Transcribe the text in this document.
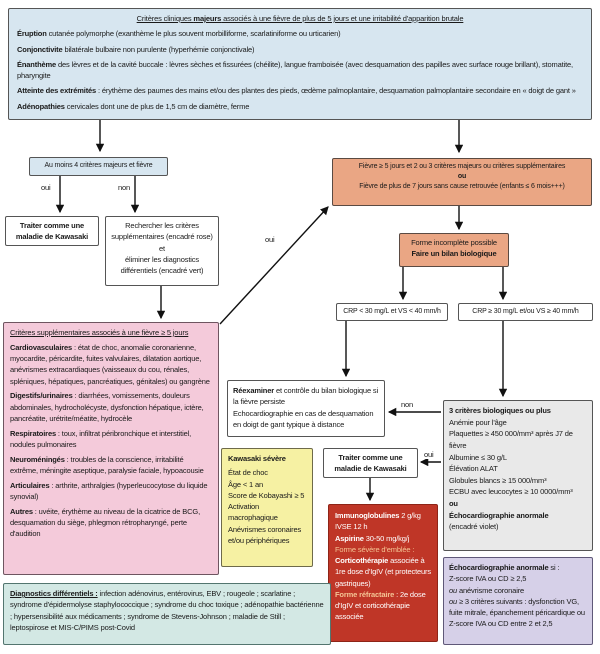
Critères cliniques majeurs associés à une fièvre de plus de 5 jours et une irritabilité d'apparition brutale
Éruption cutanée polymorphe (exanthème le plus souvent morbilliforme, scarlatiniforme ou urticarien)
Conjonctivite bilatérale bulbaire non purulente (hyperhémie conjonctivale)
Énanthème des lèvres et de la cavité buccale : lèvres sèches et fissurées (chéilite), langue framboisée (avec desquamation des papilles avec surface rouge brillant), stomatite, pharyngite
Atteinte des extrémités : érythème des paumes des mains et/ou des plantes des pieds, œdème palmoplantaire, desquamation palmoplantaire secondaire en « doigt de gant »
Adénopathies cervicales dont une de plus de 1,5 cm de diamètre, ferme
Au moins 4 critères majeurs et fièvre
oui	non
Traiter comme une maladie de Kawasaki
Rechercher les critères supplémentaires (encadré rose)
et
éliminer les diagnostics différentiels (encadré vert)
Critères supplémentaires associés à une fièvre ≥ 5 jours
Cardiovasculaires : état de choc, anomalie coronarienne, myocardite, péricardite, fuites valvulaires, dilatation aortique, anévrismes extracardiaques (vaisseaux du cou, rénales, spléniques, hépatiques, pancréatiques, génitales) ou gangrène
Digestifs/urinaires : diarrhées, vomissements, douleurs abdominales, hydrocholécyste, dysfonction hépatique, ictère, pancréatite, urétrite/méatite, hydrocèle
Respiratoires : toux, infiltrat péribronchique et interstitiel, nodules pulmonaires
Neuroméningés : troubles de la conscience, irritabilité extrême, méningite aseptique, paralysie faciale, hypoacousie
Articulaires : arthrite, arthralgies (hyperleucocytose du liquide synovial)
Autres : uvéite, érythème au niveau de la cicatrice de BCG, desquamation du siège, phlegmon rétropharyngé, perte d'audition
oui
Fièvre ≥ 5 jours et 2 ou 3 critères majeurs ou critères supplémentaires
ou
Fièvre de plus de 7 jours sans cause retrouvée (enfants ≤ 6 mois+++)
Forme incomplète possible
Faire un bilan biologique
CRP < 30 mg/L et VS < 40 mm/h	CRP ≥ 30 mg/L et/ou VS ≥ 40 mm/h
Réexaminer et contrôle du bilan biologique si la fièvre persiste
Echocardiographie en cas de desquamation en doigt de gant typique à distance
non
oui
3 critères biologiques ou plus
Anémie pour l'âge
Plaquettes ≥ 450 000/mm³ après J7 de fièvre
Albumine ≤ 30 g/L
Élévation ALAT
Globules blancs ≥ 15 000/mm³
ECBU avec leucocytes ≥ 10 0000/mm³
ou
Échocardiographie anormale
(encadré violet)
Kawasaki sévère
État de choc
Âge < 1 an
Score de Kobayashi ≥ 5
Activation macrophagique
Anévrismes coronaires et/ou périphériques
Traiter comme une maladie de Kawasaki
Immunoglobulines 2 g/kg IVSE 12 h
Aspirine 30-50 mg/kg/j
Forme sévère d'emblée :
Corticothérapie associée à 1re dose d'IgIV (et protecteurs gastriques)
Forme réfractaire : 2e dose d'IgIV et corticothérapie associée
Échocardiographie anormale si :
Z-score IVA ou CD ≥ 2,5
ou anévrisme coronaire
ou ≥ 3 critères suivants : dysfonction VG, fuite mitrale, épanchement péricardique ou Z-score IVA ou CD entre 2 et 2,5
Diagnostics différentiels : infection adénovirus, entérovirus, EBV ; rougeole ; scarlatine ; syndrome d'épidermolyse staphylococcique ; syndrome du choc toxique ; adénopathie bactérienne ; hypersensibilité aux médicaments ; syndrome de Stevens-Johnson ; maladie de Still ; leptospirose et MIS-C/PIMS post-Covid
